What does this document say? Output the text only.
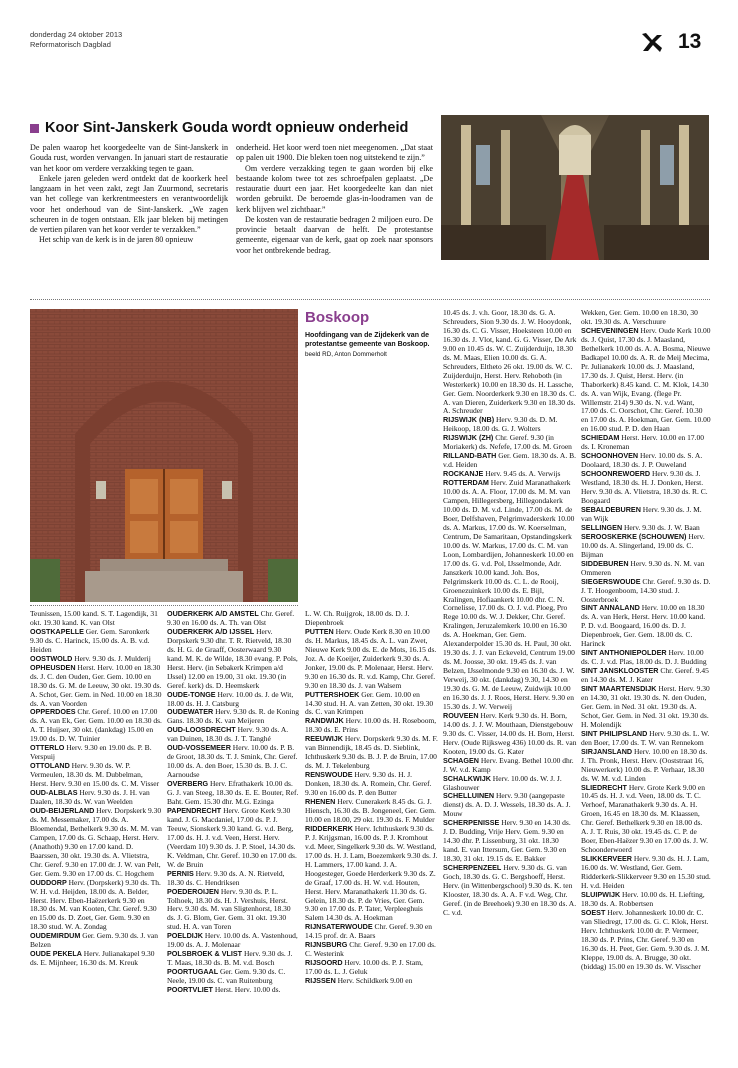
donderdag 24 oktober 2013
Reformatorisch Dagblad	13
Koor Sint-Janskerk Gouda wordt opnieuw onderheid

De palen waarop het koorgedeelte van de Sint-Janskerk in Gouda rust, worden vervangen. In januari start de restauratie van het koor om verdere verzakking tegen te gaan.

Enkele jaren geleden werd ontdekt dat de koorkerk heel langzaam in het veen zakt, zegt Jan Zuurmond, secretaris van het college van kerkrentmeesters en verantwoordelijk voor het onderhoud van de Sint-Janskerk. „We zagen scheuren in de togen ontstaan. Elk jaar bleken bij metingen de vertien pilaren van het koor verder te verzakken.”

Het schip van de kerk is in de jaren 80 opnieuw

onderheid. Het koor werd toen niet meegenomen. „Dat staat op palen uit 1900. Die bleken toen nog uitstekend te zijn.”

Om verdere verzakking tegen te gaan worden bij elke bestaande kolom twee tot zes schroefpalen geplaatst. „De restauratie duurt een jaar. Het koorgedeelte kan dan niet worden gebruikt. De beroemde glas-in-loodramen van de kerk blijven wel zichtbaar.”

De kosten van de restauratie bedragen 2 miljoen euro. De provincie betaalt daarvan de helft. De protestantse gemeente, eigenaar van de kerk, gaat op zoek naar sponsors voor het ontbrekende bedrag.

Boskoop
Hoofdingang van de Zijdekerk van de protestantse gemeente van Boskoop. beeld RD, Anton Dommerholt
Teunissen, 15.00 kand. S. T. Lagendijk, 31 okt. 19.30 kand. K. van Olst
OOSTKAPELLE Ger. Gem. Saronkerk 9.30 ds. C. Harinck, 15.00 ds. A. B. v.d. Heiden
OOSTWOLD Herv. 9.30 ds. J. Mulderij
OPHEUSDEN Herst. Herv. 10.00 en 18.30 ds. J. C. den Ouden, Ger. Gem. 10.00 en 18.30 ds. G. M. de Leeuw, 30 okt. 19.30 ds. A. Schot, Ger. Gem. in Ned. 10.00 en 18.30 ds. A. van Voorden
OPPERDOES Chr. Geref. 10.00 en 17.00 ds. A. van Ek, Ger. Gem. 10.00 en 18.30 ds. A. T. Huijser, 30 okt. (dankdag) 15.00 en 19.00 ds. D. W. Tuinier
OTTERLO Herv. 9.30 en 19.00 ds. P. B. Verspuij
OTTOLAND Herv. 9.30 ds. W. P. Vermeulen, 18.30 ds. M. Dubbelman, Herst. Herv. 9.30 en 15.00 ds. C. M. Visser
OUD-ALBLAS Herv. 9.30 ds. J. H. van Daalen, 18.30 ds. W. van Weelden
OUD-BEIJERLAND Herv. Dorpskerk 9.30 ds. M. Messemaker, 17.00 ds. A. Bloemendal, Bethelkerk 9.30 ds. M. M. van Campen, 17.00 ds. G. Schaap, Herst. Herv. (Anathoth) 9.30 en 17.00 kand. D. Baarssen, 30 okt. 19.30 ds. A. Vlietstra, Chr. Geref. 9.30 en 17.00 dr. J. W. van Pelt, Ger. Gem. 9.30 en 17.00 ds. C. Hogchem
OUDDORP Herv. (Dorpskerk) 9.30 ds. Th. W. H. v.d. Heijden, 18.00 ds. A. Belder, Herst. Herv. Eben-Haëzerkerk 9.30 en 18.30 ds. M. van Kooten, Chr. Geref. 9.30 en 15.00 ds. D. Zoet, Ger. Gem. 9.30 en 18.30 stud. W. A. Zondag
OUDEMIRDUM Ger. Gem. 9.30 ds. J. van Belzen
OUDE PEKELA Herv. Julianakapel 9.30 ds. E. Mijnheer, 16.30 ds. M. Kreuk
OUDERKERK A/D AMSTEL Chr. Geref. 9.30 en 16.00 ds. A. Th. van Olst
OUDERKERK A/D IJSSEL Herv. Dorpskerk 9.30 dhr. T. R. Rietveld, 18.30 ds. H. G. de Graaff, Oosterwaard 9.30 kand. M. K. de Wilde, 18.30 evang. P. Pols, Herst. Herv. (in Sebakerk Krimpen a/d IJssel) 12.00 en 19.00, 31 okt. 19.30 (in Geref. kerk) ds. D. Heemskerk
OUDE-TONGE Herv. 10.00 ds. J. de Wit, 18.00 ds. H. J. Catsburg
OUDEWATER Herv. 9.30 ds. R. de Koning Gans. 18.30 ds. K. van Meijeren
OUD-LOOSDRECHT Herv. 9.30 ds. A. van Duinen, 18.30 ds. J. T. Tanghé
OUD-VOSSEMEER Herv. 10.00 ds. P. B. de Groot, 18.30 ds. T. J. Smink, Chr. Geref. 10.00 ds. A. den Boer, 15.30 ds. B. J. C. Aarnoudse
OVERBERG Herv. Efrathakerk 10.00 ds. G. J. van Steeg, 18.30 ds. E. E. Bouter, Ref. Baht. Gem. 15.30 dhr. M.G. Ezinga
PAPENDRECHT Herv. Grote Kerk 9.30 kand. J. G. Macdaniel, 17.00 ds. P. J. Teeuw, Sionskerk 9.30 kand. G. v.d. Berg, 17.00 ds. H. J. v.d. Veen, Herst. Herv. (Veerdam 10) 9.30 ds. J. P. Stoel, 14.30 ds. K. Veldman, Chr. Geref. 10.30 en 17.00 ds. W. de Bruin
PERNIS Herv. 9.30 ds. A. N. Rietveld, 18.30 ds. C. Hendriksen
POEDEROIJEN Herv. 9.30 ds. P. L. Tolhoek, 18.30 ds. H. J. Vershuis, Herst. Herv. 9.30 ds. M. van Sligtenhorst, 18.30 ds. J. G. Blom, Ger. Gem. 31 okt. 19.30 stud. H. A. van Toren
POELDIJK Herv. 10.00 ds. A. Vastenhoud, 19.00 ds. A. J. Molenaar
POLSBROEK & VLIST Herv. 9.30 ds. J. T. Maas, 18.30 ds. B. M. v.d. Bosch
POORTUGAAL Ger. Gem. 9.30 ds. C. Neele, 19.00 ds. C. van Ruitenburg
POORTVLIET Herst. Herv. 10.00 ds.
L. W. Ch. Ruijgrok, 18.00 ds. D. J. Diepenbroek
PUTTEN Herv. Oude Kerk 8.30 en 10.00 ds. H. Markus, 18.45 ds. A. L. van Zwet, Nieuwe Kerk 9.00 ds. E. de Mots, 16.15 ds. Joz. A. de Koeijer, Zuiderkerk 9.30 ds. A. Jonker, 19.00 ds. P. Molenaar, Herst. Herv. 9.30 en 16.30 ds. R. v.d. Kamp, Chr. Geref. 9.30 en 18.30 ds. J. van Walsem
PUTTERSHOEK Ger. Gem. 10.00 en 14.30 stud. H. A. van Zetten, 30 okt. 19.30 ds. C. van Krimpen
RANDWIJK Herv. 10.00 ds. H. Roseboom, 18.30 ds. E. Prins
REEUWIJK Herv. Dorpskerk 9.30 ds. M. F. van Binnendijk, 18.45 ds. D. Sieblink, Ichthuskerk 9.30 ds. B. J. P. de Bruin, 17.00 ds. M. J. Tekelenburg
RENSWOUDE Herv. 9.30 ds. H. J. Donken, 18.30 ds. A. Romein, Chr. Geref. 9.30 en 16.00 ds. P. den Butter
RHENEN Herv. Cunerakerk 8.45 ds. G. J. Hiensch, 16.30 ds. B. Jongeneel, Ger. Gem. 10.00 en 18.00, 29 okt. 19.30 ds. F. Mulder
RIDDERKERK Herv. Ichthuskerk 9.30 ds. P. J. Krijgsman, 16.00 ds. P. J. Kromhout v.d. Meer, Singelkerk 9.30 ds. W. Westland, 17.00 ds. H. J. Lam, Boezemkerk 9.30 ds. J. H. Lammers, 17.00 kand. J. A. Hoogesteger, Goede Herderkerk 9.30 ds. Z. de Graaf, 17.00 ds. H. W. v.d. Houten, Herst. Herv. Maranathakerk 11.30 ds. G. Gelein, 18.30 ds. P. de Vries, Ger. Gem. 9.30 en 17.00 ds. P. Tater, Verpleeghuis Salem 14.30 ds. A. Hoekman
RIJNSATERWOUDE Chr. Geref. 9.30 en 14.15 prof. dr. A. Baars
RIJNSBURG Chr. Geref. 9.30 en 17.00 ds. C. Westerink
RIJSOORD Herv. 10.00 ds. P. J. Stam, 17.00 ds. L. J. Geluk
RIJSSEN Herv. Schildkerk 9.00 en
10.45 ds. J. v.h. Goor, 18.30 ds. G. A. Schreuders, Sion 9.30 ds. J. W. Hooydonk, 16.30 ds. C. G. Visser, Hoeksteen 10.00 en 16.30 ds. J. Vlot, kand. G. G. Visser, De Ark 9.00 en 10.45 ds. W. C. Zuijderduijn, 18.30 ds. M. Maas, Elien 10.00 ds. G. A. Schreuders, Eltheto 26 okt. 19.00 ds. W. C. Zuijderduijn, Herst. Herv. Rehoboth (in Westerkerk) 10.00 en 18.30 ds. H. Lassche, Ger. Gem. Noorderkerk 9.30 en 18.30 ds. C. A. van Dieren, Zuiderkerk 9.30 en 18.30 ds. A. Schreuder
RIJSWIJK (NB) Herv. 9.30 ds. D. M. Heikoop, 18.00 ds. G. J. Wolters
RIJSWIJK (ZH) Chr. Geref. 9.30 (in Moriakerk) ds. Nefefe, 17.00 ds. M. Groen
RILLAND-BATH Ger. Gem. 18.30 ds. A. B. v.d. Heiden
ROCKANJE Herv. 9.45 ds. A. Verwijs
ROTTERDAM Herv. Zuid Maranathakerk 10.00 ds. A. A. Floor, 17.00 ds. M. M. van Campen, Hillegersberg, Hillegondakerk 10.00 ds. D. M. v.d. Linde, 17.00 ds. M. de Boer, Delfshaven, Pelgrimvaderskerk 10.00 ds. A. Markus, 17.00 ds. W. Koerselman, Centrum, De Samaritaan, Opstandingskerk 10.00 ds. W. Markus, 17.00 ds. C. M. van Loon, Lombardijen, Johanneskerk 10.00 en 17.00 ds. G. v.d. Pol, IJsselmonde, Adr. Janszkerk 10.00 kand. Joh. Bos, Pelgrimskerk 10.00 ds. C. L. de Rooij, Groenezuinkerk 10.00 ds. E. Bijl, Kralingen, Hofiaankerk 10.00 dhr. C. N. Cornelisse, 17.00 ds. O. J. v.d. Ploeg, Pro Rege 10.00 ds. W. J. Dekker, Chr. Geref. Kralingen, Jeruzalemkerk 10.00 en 16.30 ds. A. Hoekman, Ger. Gem. Alexanderpolder 15.30 ds. H. Paul, 30 okt. 19.30 ds. J. J. van Eckeveld, Centrum 19.00 ds. M. Joosse, 30 okt. 19.45 ds. J. van Belzen, IJsselmonde 9.30 en 16.30 ds. J. W. Verweij, 30 okt. (dankdag) 9.30, 14.30 en 19.30 ds. G. M. de Leeuw, Zuidwijk 10.00 en 16.30 ds. J. J. Roos, Herst. Herv. 9.30 en 15.30 ds. J. W. Verweij
ROUVEEN Herv. Kerk 9.30 ds. H. Born, 14.00 ds. J. J. W. Mouthaan, Dienstgebouw 9.30 ds. C. Visser, 14.00 ds. H. Born, Herst. Herv. (Oude Rijksweg 436) 10.00 ds. R. van Kooten, 19.00 ds. G. Kater
SCHAGEN Herv. Evang. Bethel 10.00 dhr. J. W. v.d. Kamp
SCHALKWIJK Herv. 10.00 ds. W. J. J. Glashouwer
SCHELLUINEN Herv. 9.30 (aangepaste dienst) ds. A. D. J. Wessels, 18.30 ds. A. J. Mouw
SCHERPENISSE Herv. 9.30 en 14.30 ds. J. D. Budding, Vrije Herv. Gem. 9.30 en 14.30 dhr. P. Lissenburg, 31 okt. 18.30 kand. E. van Ittersum, Ger. Gem. 9.30 en 18.30, 31 okt. 19.15 ds. E. Bakker
SCHERPENZEEL Herv. 9.30 ds. G. van Goch, 18.30 ds. G. C. Bergshoeff, Herst. Herv. (in Wittenbergschool) 9.30 ds. K. ten Klooster, 18.30 ds. A. A. F v.d. Weg, Chr. Geref. (in de Breehoek) 9.30 en 18.30 ds. A. C. v.d.
Wekken, Ger. Gem. 10.00 en 18.30, 30 okt. 19.30 ds. A. Verschuure
SCHEVENINGEN Herv. Oude Kerk 10.00 ds. J. Quist, 17.30 ds. J. Maasland, Bethelkerk 10.00 ds. A. A. Bosma, Nieuwe Badkapel 10.00 ds. A. R. de Meij Mecima, Pr. Julianakerk 10.00 ds. J. Maasland, 17.30 ds. J. Quist, Herst. Herv. (in Thaborkerk) 8.45 kand. C. M. Klok, 14.30 ds. A. van Wijk, Evang. (flege Pr. Willemstr. 214) 9.30 ds. N. v.d. Want, 17.00 ds. C. Oorschot, Chr. Geref. 10.30 en 17.00 ds. A. Hoekman, Ger. Gem. 10.00 en 16.00 stud. P. D. den Haan
SCHIEDAM Herst. Herv. 10.00 en 17.00 ds. I. Kroneman
SCHOONHOVEN Herv. 10.00 ds. S. A. Doolaard, 18.30 ds. J. P. Ouweland
SCHOONREWOERD Herv. 9.30 ds. J. Westland, 18.30 ds. H. J. Donken, Herst. Herv. 9.30 ds. A. Vlietstra, 18.30 ds. R. C. Boogaard
SEBALDEBUREN Herv. 9.30 ds. J. M. van Wijk
SELLINGEN Herv. 9.30 ds. J. W. Baan
SEROOSKERKE (SCHOUWEN) Herv. 10.00 ds. A. Slingerland, 19.00 ds. C. Bijman
SIDDEBUREN Herv. 9.30 ds. N. M. van Ommeren
SIEGERSWOUDE Chr. Geref. 9.30 ds. D. J. T. Hoogenboom, 14.30 stud. J. Oosterbroek
SINT ANNALAND Herv. 10.00 en 18.30 ds. A. van Herk, Herst. Herv. 10.00 kand. P. D. v.d. Boogaard, 16.00 ds. D. J. Diepenbroek, Ger. Gem. 18.00 ds. C. Harinck
SINT ANTHONIEPOLDER Herv. 10.00 ds. C. J. v.d. Plas, 18.00 ds. D. J. Budding
SINT JANSKLOOSTER Chr. Geref. 9.45 en 14.30 ds. M. J. Kater
SINT MAARTENSDIJK Herst. Herv. 9.30 en 14.30, 31 okt. 19.30 ds. N. den Ouden, Ger. Gem. in Ned. 31 okt. 19.30 ds. A. Schot, Ger. Gem. in Ned. 31 okt. 19.30 ds. H. Molendijk
SINT PHILIPSLAND Herv. 9.30 ds. L. W. den Boer, 17.00 ds. T. W. van Rennekom
SIRJANSLAND Herv. 10.00 en 18.30 ds. J. Th. Pronk, Herst. Herv. (Ooststraat 16, Nieuwerkerk) 10.00 ds. P. Verhaar, 18.30 ds. W. M. v.d. Linden
SLIEDRECHT Herv. Grote Kerk 9.00 en 10.45 ds. H. J. v.d. Veen, 18.00 ds. T. C. Verhoef, Maranathakerk 9.30 ds. A. H. Groen, 16.45 en 18.30 ds. M. Klaassen, Chr. Geref. Bethelkerk 9.30 en 18.00 ds. A. J. T. Ruis, 30 okt. 19.45 ds. C. P. de Boer, Eben-Haëzer 9.30 en 17.00 ds. J. W. Schoonderwoerd
SLIKKERVEER Herv. 9.30 ds. H. J. Lam, 16.00 ds. W. Westland, Ger. Gem. Ridderkerk-Slikkerveer 9.30 en 15.30 stud. H. v.d. Heiden
SLUIPWIJK Herv. 10.00 ds. H. Liefting, 18.30 ds. A. Robbertsen
SOEST Herv. Johanneskerk 10.00 dr. C. van Sliedregt, 17.00 ds. G. C. Klok, Herst. Herv. Ichthuskerk 10.00 dr. P. Vermeer, 18.30 ds. P. Prins, Chr. Geref. 9.30 en 16.30 ds. H. Peet, Ger. Gem. 9.30 ds. J. M. Kleppe, 19.00 ds. A. Brugge, 30 okt. (biddag) 15.00 en 19.30 ds. W. Visscher
